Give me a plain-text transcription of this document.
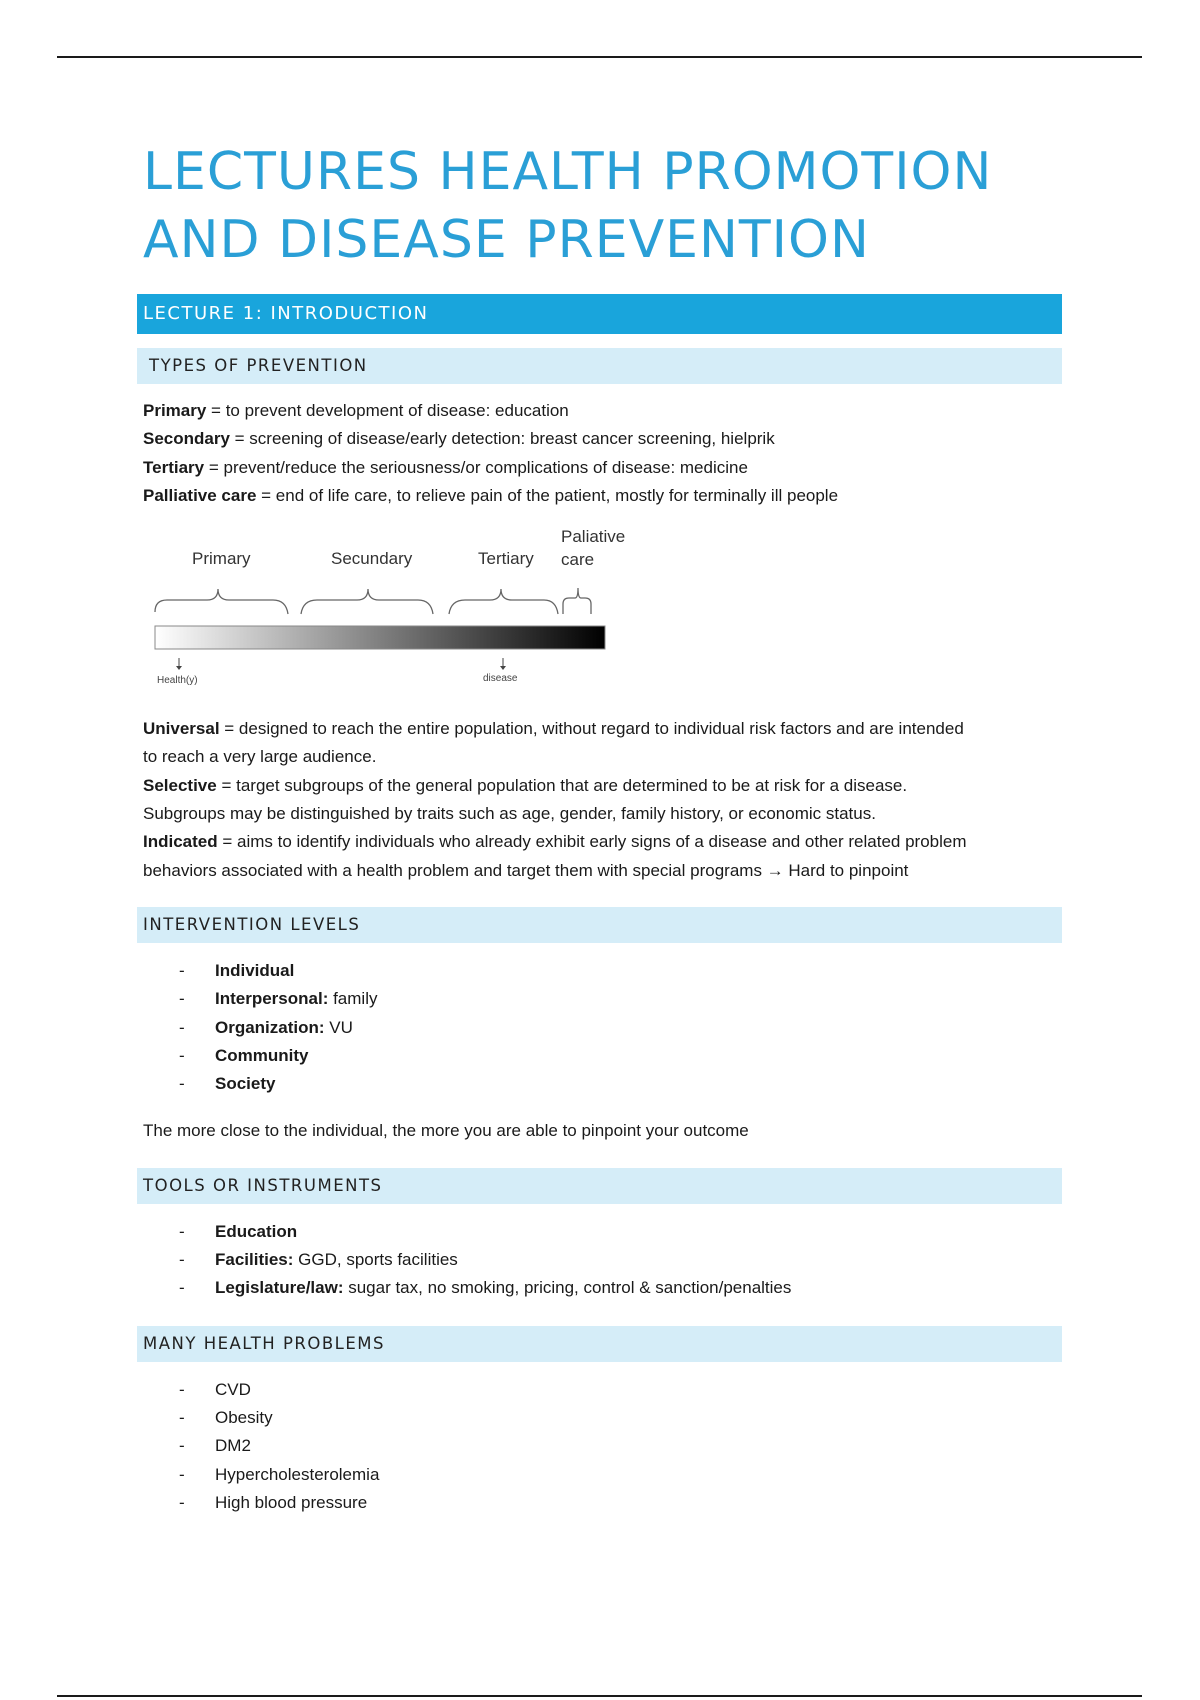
LECTURES HEALTH PROMOTION
AND DISEASE PREVENTION
LECTURE 1: INTRODUCTION
TYPES OF PREVENTION
Primary = to prevent development of disease: education
Secondary = screening of disease/early detection: breast cancer screening, hielprik
Tertiary = prevent/reduce the seriousness/or complications of disease: medicine
Palliative care = end of life care, to relieve pain of the patient, mostly for terminally ill people
Primary	Secundary	Tertiary
Paliative
care
Health(y)	disease
Universal = designed to reach the entire population, without regard to individual risk factors and are intended
to reach a very large audience.
Selective = target subgroups of the general population that are determined to be at risk for a disease.
Subgroups may be distinguished by traits such as age, gender, family history, or economic status.
Indicated = aims to identify individuals who already exhibit early signs of a disease and other related problem
behaviors associated with a health problem and target them with special programs → Hard to pinpoint
INTERVENTION LEVELS
- Individual
- Interpersonal: family
- Organization: VU
- Community
- Society
The more close to the individual, the more you are able to pinpoint your outcome
TOOLS OR INSTRUMENTS
- Education
- Facilities: GGD, sports facilities
- Legislature/law: sugar tax, no smoking, pricing, control & sanction/penalties
MANY HEALTH PROBLEMS
- CVD
- Obesity
- DM2
- Hypercholesterolemia
- High blood pressure
